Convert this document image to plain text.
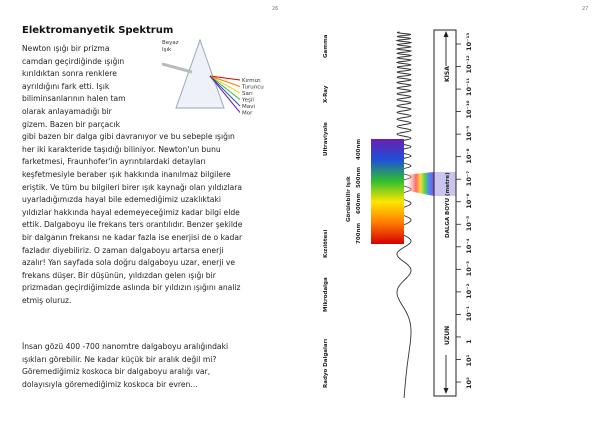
26
Elektromanyetik Spektrum
Newton ışığı bir prizma
camdan geçirdiğinde ışığın
kırıldıktan sonra renklere
ayrıldığını fark etti. Işık
biliminsanlarının halen tam
olarak anlayamadığı bir
gizem. Bazen bir parçacık
gibi bazen bir dalga gibi davranıyor ve bu sebeple ışığın
her iki karakteride taşıdığı biliniyor. Newton'un bunu
farketmesi, Fraunhofer'in ayrıntılardaki detayları
keşfetmesiyle beraber ışık hakkında inanılmaz bilgilere
eriştik. Ve tüm bu bilgileri birer ışık kaynağı olan yıldızlara
uyarladığımızda hayal bile edemediğimiz uzaklıktaki
yıldızlar hakkında hayal edemeyeceğimiz kadar bilgi elde
ettik. Dalgaboyu ile frekans ters orantılıdır. Benzer şekilde
bir dalganın frekansı ne kadar fazla ise enerjisi de o kadar
fazladır diyebiliriz. O zaman dalgaboyu artarsa enerji
azalır! Yan sayfada sola doğru dalgaboyu uzar, enerji ve
frekans düşer. Bir düşünün, yıldızdan gelen ışığı bir
prizmadan geçirdiğimizde aslında bir yıldızın ışığını analiz
etmiş oluruz.
İnsan gözü 400 -700 nanomtre dalgaboyu aralığındaki
ışıkları görebilir. Ne kadar küçük bir aralık değil mi?
Göremediğimiz koskoca bir dalgaboyu aralığı var,
dolayısıyla göremediğimiz koskoca bir evren…
Beyaz
Işık
Kırmızı
Turuncu
Sarı
Yeşil
Mavi
Mor
27
Radyo Dalgaları
Mikrodalga
Kızılötesi
Görülebilir Işık
Ultraviyole
X-Ray
Gamma
700nm
600nm
500nm
400nm
KISA
DALGA BOYU (metre)
UZUN
10²
10¹
1
10⁻¹
10⁻²
10⁻³
10⁻⁴
10⁻⁵
10⁻⁶
10⁻⁷
10⁻⁸
10⁻⁹
10⁻¹⁰
10⁻¹¹
10⁻¹²
10⁻¹³
